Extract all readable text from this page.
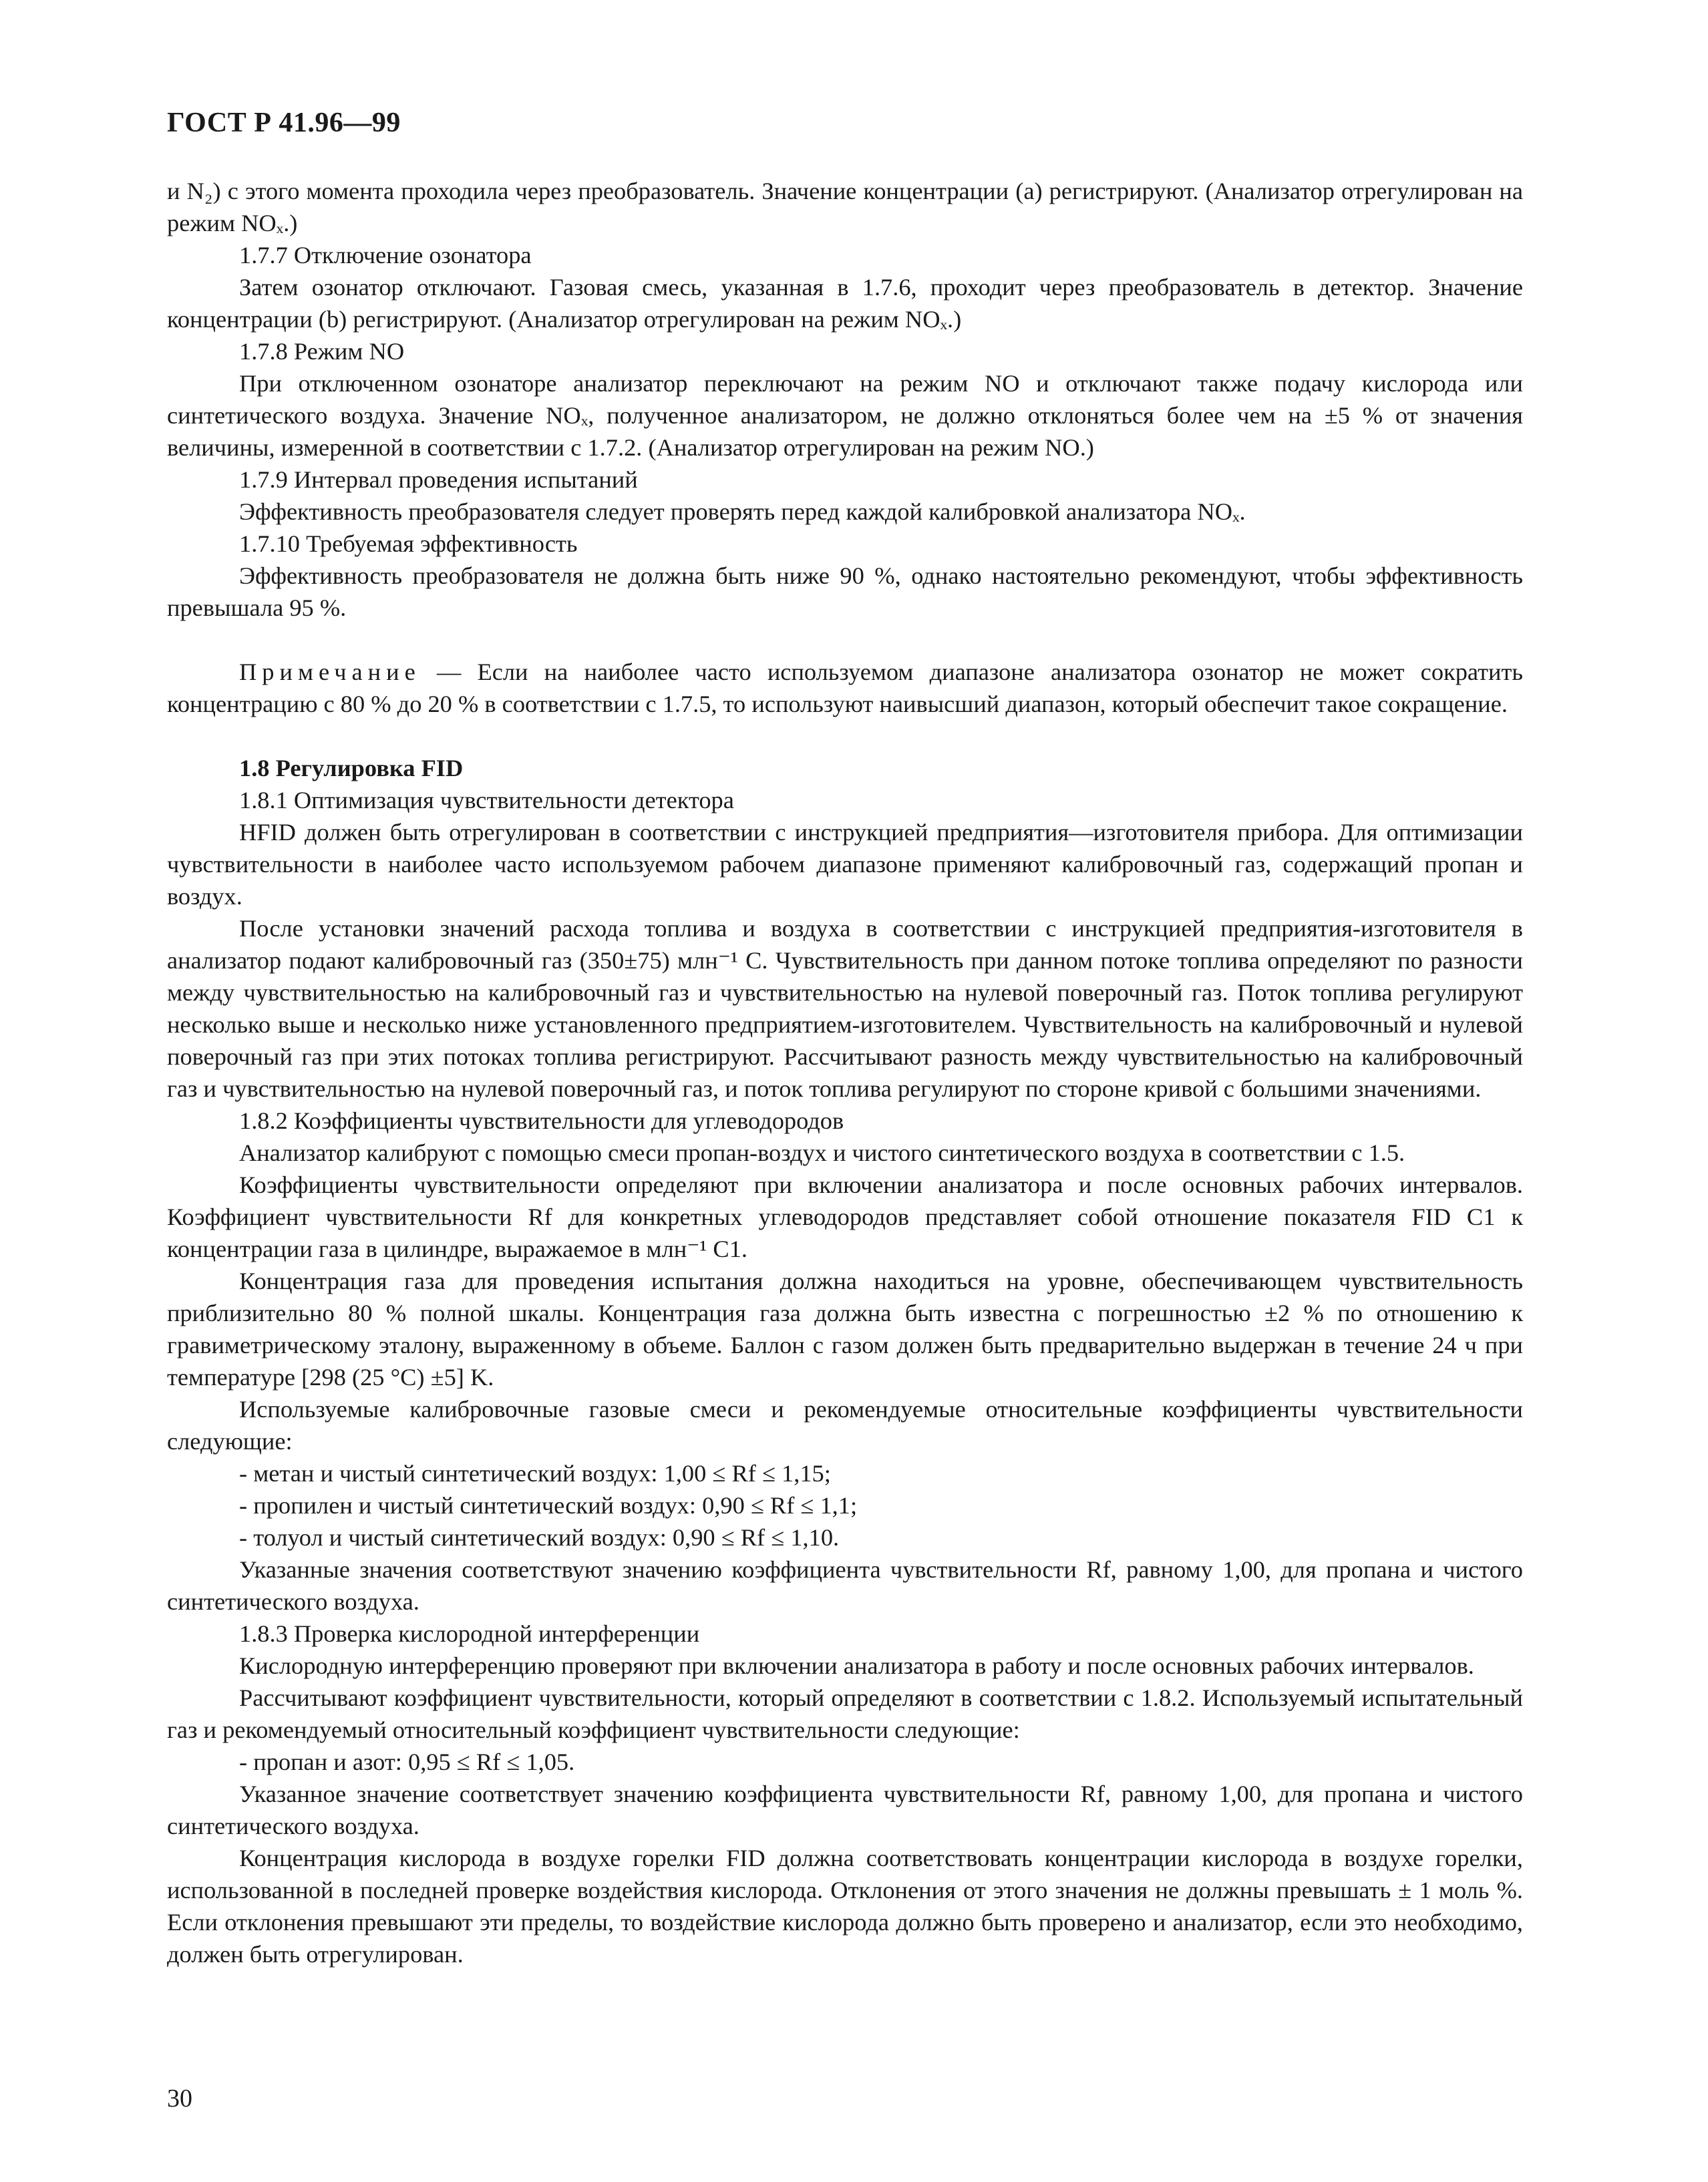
ГОСТ Р 41.96—99

и N₂) с этого момента проходила через преобразователь. Значение концентрации (a) регистрируют. (Анализатор отрегулирован на режим NOₓ.)

1.7.7 Отключение озонатора

Затем озонатор отключают. Газовая смесь, указанная в 1.7.6, проходит через преобразователь в детектор. Значение концентрации (b) регистрируют. (Анализатор отрегулирован на режим NOₓ.)

1.7.8 Режим NO

При отключенном озонаторе анализатор переключают на режим NO и отключают также подачу кислорода или синтетического воздуха. Значение NOₓ, полученное анализатором, не должно отклоняться более чем на ±5 % от значения величины, измеренной в соответствии с 1.7.2. (Анализатор отрегулирован на режим NO.)

1.7.9 Интервал проведения испытаний

Эффективность преобразователя следует проверять перед каждой калибровкой анализатора NOₓ.

1.7.10 Требуемая эффективность

Эффективность преобразователя не должна быть ниже 90 %, однако настоятельно рекомендуют, чтобы эффективность превышала 95 %.

Примечание — Если на наиболее часто используемом диапазоне анализатора озонатор не может сократить концентрацию с 80 % до 20 % в соответствии с 1.7.5, то используют наивысший диапазон, который обеспечит такое сокращение.

1.8 Регулировка FID

1.8.1 Оптимизация чувствительности детектора

HFID должен быть отрегулирован в соответствии с инструкцией предприятия—изготовителя прибора. Для оптимизации чувствительности в наиболее часто используемом рабочем диапазоне применяют калибровочный газ, содержащий пропан и воздух.

После установки значений расхода топлива и воздуха в соответствии с инструкцией предприятия-изготовителя в анализатор подают калибровочный газ (350±75) млн⁻¹ С. Чувствительность при данном потоке топлива определяют по разности между чувствительностью на калибровочный газ и чувствительностью на нулевой поверочный газ. Поток топлива регулируют несколько выше и несколько ниже установленного предприятием-изготовителем. Чувствительность на калибровочный и нулевой поверочный газ при этих потоках топлива регистрируют. Рассчитывают разность между чувствительностью на калибровочный газ и чувствительностью на нулевой поверочный газ, и поток топлива регулируют по стороне кривой с большими значениями.

1.8.2 Коэффициенты чувствительности для углеводородов

Анализатор калибруют с помощью смеси пропан-воздух и чистого синтетического воздуха в соответствии с 1.5.

Коэффициенты чувствительности определяют при включении анализатора и после основных рабочих интервалов. Коэффициент чувствительности Rf для конкретных углеводородов представляет собой отношение показателя FID C1 к концентрации газа в цилиндре, выражаемое в млн⁻¹ C1.

Концентрация газа для проведения испытания должна находиться на уровне, обеспечивающем чувствительность приблизительно 80 % полной шкалы. Концентрация газа должна быть известна с погрешностью ±2 % по отношению к гравиметрическому эталону, выраженному в объеме. Баллон с газом должен быть предварительно выдержан в течение 24 ч при температуре [298 (25 °C) ±5] K.

Используемые калибровочные газовые смеси и рекомендуемые относительные коэффициенты чувствительности следующие:

- метан и чистый синтетический воздух: 1,00 ≤ Rf ≤ 1,15;

- пропилен и чистый синтетический воздух: 0,90 ≤ Rf ≤ 1,1;

- толуол и чистый синтетический воздух: 0,90 ≤ Rf ≤ 1,10.

Указанные значения соответствуют значению коэффициента чувствительности Rf, равному 1,00, для пропана и чистого синтетического воздуха.

1.8.3 Проверка кислородной интерференции

Кислородную интерференцию проверяют при включении анализатора в работу и после основных рабочих интервалов.

Рассчитывают коэффициент чувствительности, который определяют в соответствии с 1.8.2. Используемый испытательный газ и рекомендуемый относительный коэффициент чувствительности следующие:

- пропан и азот: 0,95 ≤ Rf ≤ 1,05.

Указанное значение соответствует значению коэффициента чувствительности Rf, равному 1,00, для пропана и чистого синтетического воздуха.

Концентрация кислорода в воздухе горелки FID должна соответствовать концентрации кислорода в воздухе горелки, использованной в последней проверке воздействия кислорода. Отклонения от этого значения не должны превышать ± 1 моль %. Если отклонения превышают эти пределы, то воздействие кислорода должно быть проверено и анализатор, если это необходимо, должен быть отрегулирован.

30
